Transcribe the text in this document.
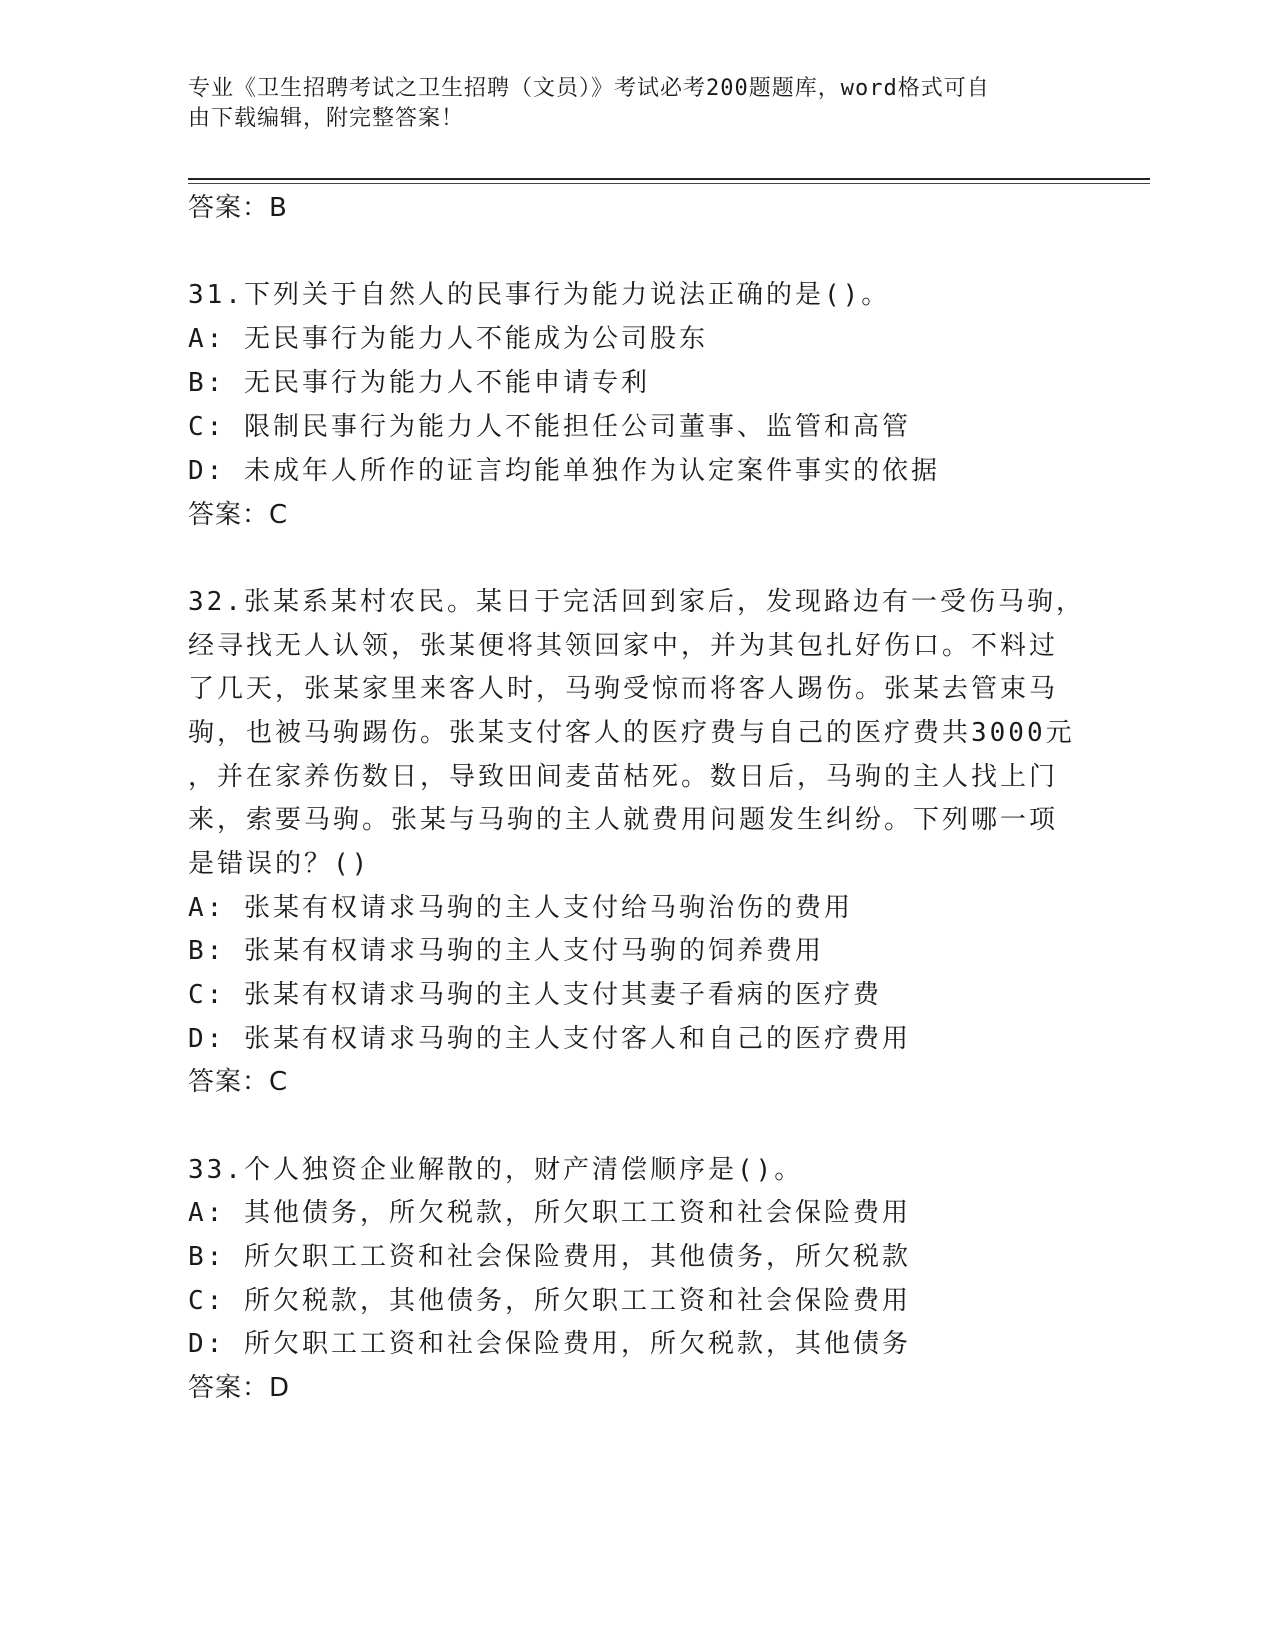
专业《卫生招聘考试之卫生招聘（文员）》考试必考200题题库，word格式可自
由下载编辑，附完整答案！
答案：B
31.下列关于自然人的民事行为能力说法正确的是()。
A: 无民事行为能力人不能成为公司股东
B: 无民事行为能力人不能申请专利
C: 限制民事行为能力人不能担任公司董事、监管和高管
D: 未成年人所作的证言均能单独作为认定案件事实的依据
答案：C
32.张某系某村农民。某日于完活回到家后，发现路边有一受伤马驹，
经寻找无人认领，张某便将其领回家中，并为其包扎好伤口。不料过
了几天，张某家里来客人时，马驹受惊而将客人踢伤。张某去管束马
驹，也被马驹踢伤。张某支付客人的医疗费与自己的医疗费共3000元
，并在家养伤数日，导致田间麦苗枯死。数日后，马驹的主人找上门
来，索要马驹。张某与马驹的主人就费用问题发生纠纷。下列哪一项
是错误的？()
A: 张某有权请求马驹的主人支付给马驹治伤的费用
B: 张某有权请求马驹的主人支付马驹的饲养费用
C: 张某有权请求马驹的主人支付其妻子看病的医疗费
D: 张某有权请求马驹的主人支付客人和自己的医疗费用
答案：C
33.个人独资企业解散的，财产清偿顺序是()。
A: 其他债务，所欠税款，所欠职工工资和社会保险费用
B: 所欠职工工资和社会保险费用，其他债务，所欠税款
C: 所欠税款，其他债务，所欠职工工资和社会保险费用
D: 所欠职工工资和社会保险费用，所欠税款，其他债务
答案：D
